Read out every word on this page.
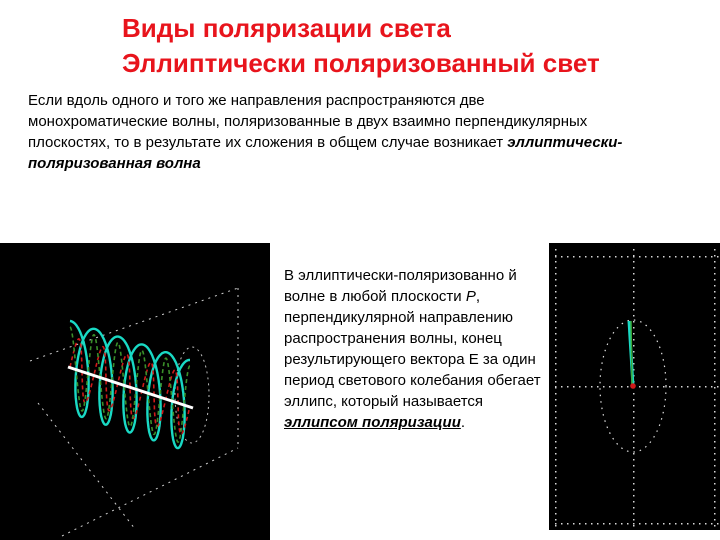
Виды поляризации света
Эллиптически поляризованный свет
Если вдоль одного и того же направления распространяются две монохроматические волны, поляризованные в двух взаимно перпендикулярных плоскостях, то в результате их сложения в общем случае возникает эллиптически-поляризованная волна
В эллиптически-поляризованно й волне в любой плоскости P, перпендикулярной направлению распространения волны, конец результирующего вектора Е за один период светового колебания обегает эллипс, который называется эллипсом поляризации.
